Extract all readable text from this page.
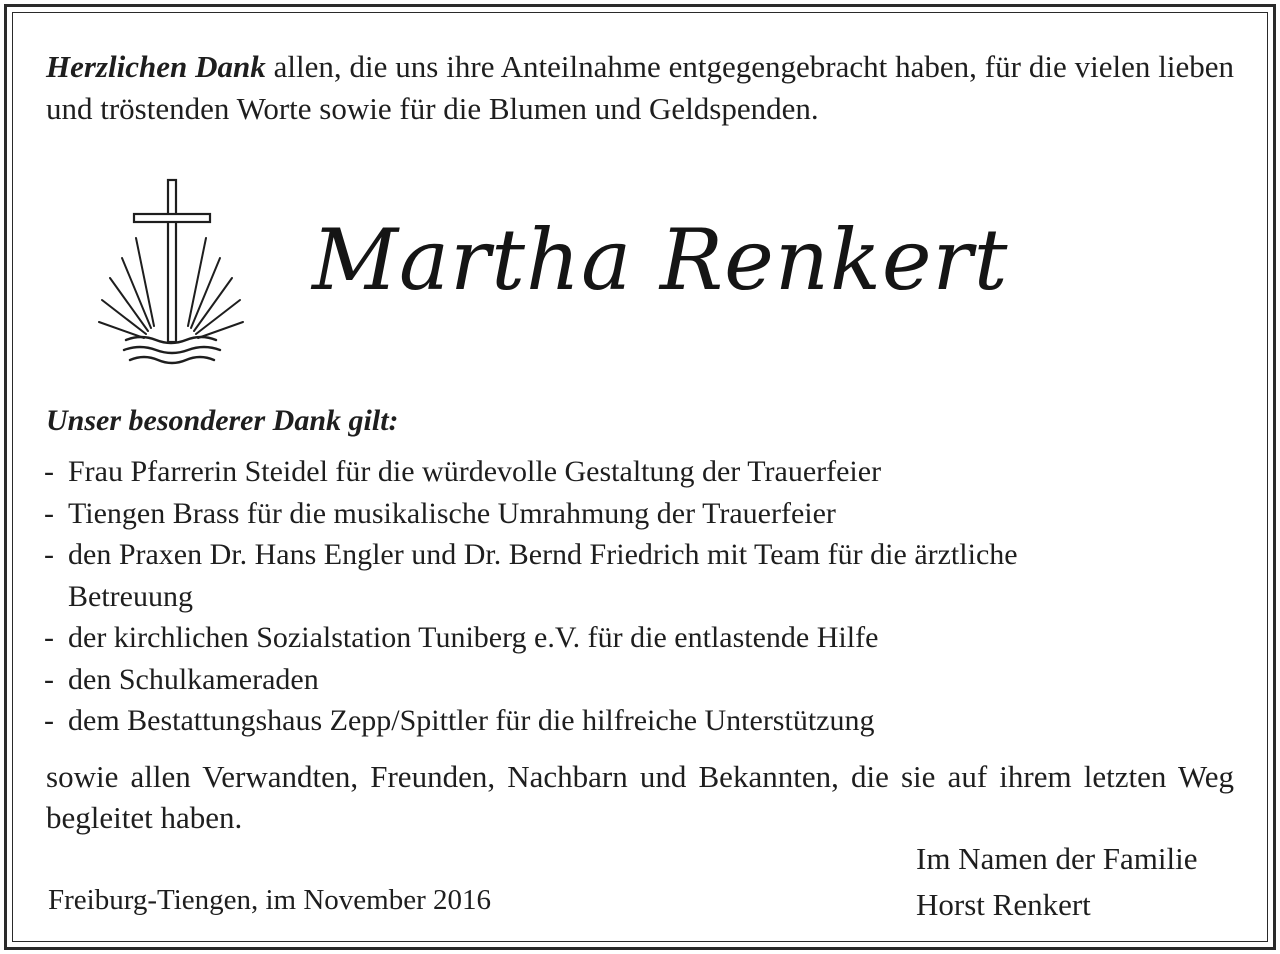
Herzlichen Dank allen, die uns ihre Anteilnahme entgegengebracht haben, für die vielen lieben und tröstenden Worte sowie für die Blumen und Geldspenden.

Martha Renkert
Unser besonderer Dank gilt:
- Frau Pfarrerin Steidel für die würdevolle Gestaltung der Trauerfeier
- Tiengen Brass für die musikalische Umrahmung der Trauerfeier
- den Praxen Dr. Hans Engler und Dr. Bernd Friedrich mit Team für die ärztliche Betreuung
- der kirchlichen Sozialstation Tuniberg e.V. für die entlastende Hilfe
- den Schulkameraden
- dem Bestattungshaus Zepp/Spittler für die hilfreiche Unterstützung

sowie allen Verwandten, Freunden, Nachbarn und Bekannten, die sie auf ihrem letzten Weg begleitet haben.

Freiburg-Tiengen, im November 2016
Im Namen der Familie
Horst Renkert
